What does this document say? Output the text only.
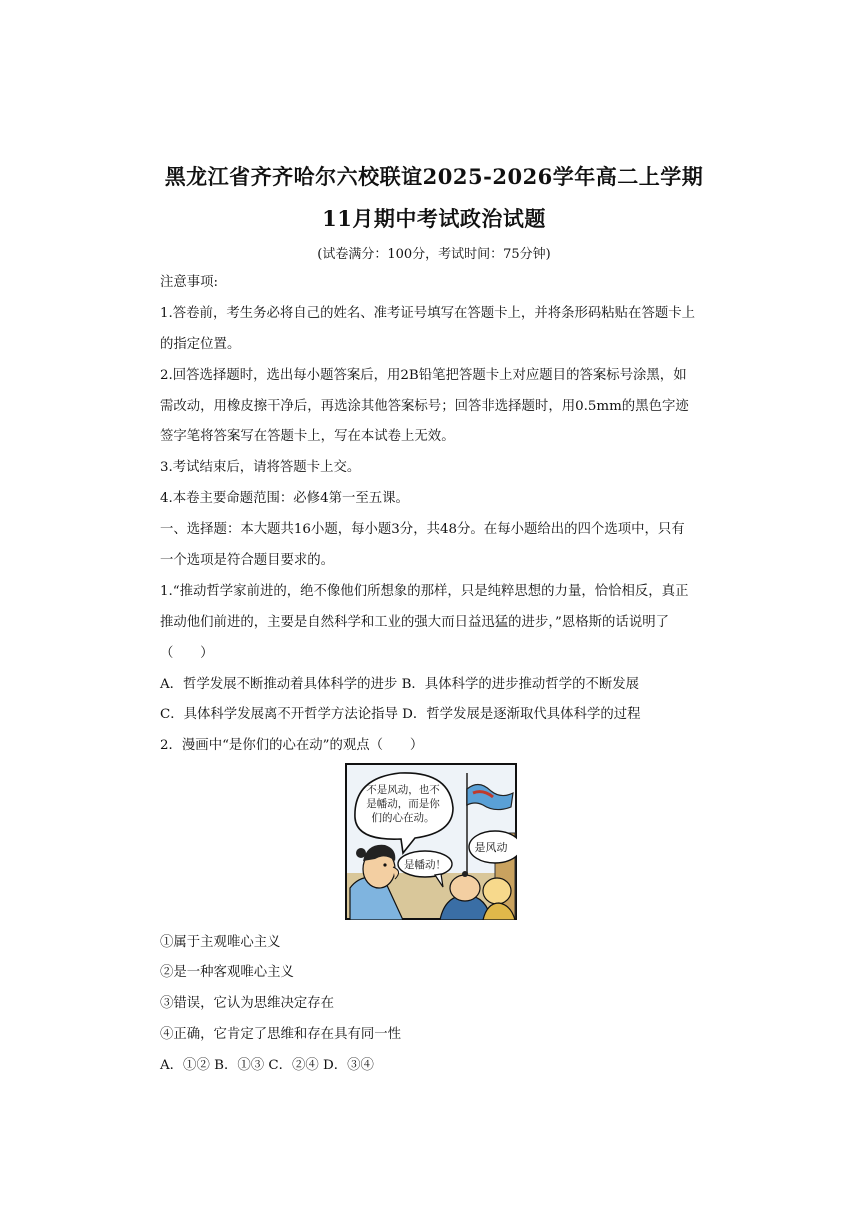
黑龙江省齐齐哈尔六校联谊2025-2026学年高二上学期
11月期中考试政治试题
(试卷满分：100分，考试时间：75分钟)
注意事项:
1.答卷前，考生务必将自己的姓名、准考证号填写在答题卡上，并将条形码粘贴在答题卡上
的指定位置。
2.回答选择题时，选出每小题答案后，用2B铅笔把答题卡上对应题目的答案标号涂黑，如
需改动，用橡皮擦干净后，再选涂其他答案标号；回答非选择题时，用0.5mm的黑色字迹
签字笔将答案写在答题卡上，写在本试卷上无效。
3.考试结束后，请将答题卡上交。
4.本卷主要命题范围：必修4第一至五课。
一、选择题：本大题共16小题，每小题3分，共48分。在每小题给出的四个选项中，只有
一个选项是符合题目要求的。
1.“推动哲学家前进的，绝不像他们所想象的那样，只是纯粹思想的力量，恰恰相反，真正
推动他们前进的，主要是自然科学和工业的强大而日益迅猛的进步，”恩格斯的话说明了
（　　）
A．哲学发展不断推动着具体科学的进步 B．具体科学的进步推动哲学的不断发展
C．具体科学发展离不开哲学方法论指导 D．哲学发展是逐渐取代具体科学的过程
2．漫画中“是你们的心在动”的观点（　　）
不是风动，也不
是幡动，而是你
们的心在动。
是幡动！
是风动
①属于主观唯心主义
②是一种客观唯心主义
③错误，它认为思维决定存在
④正确，它肯定了思维和存在具有同一性
A．①② B．①③ C．②④ D．③④
